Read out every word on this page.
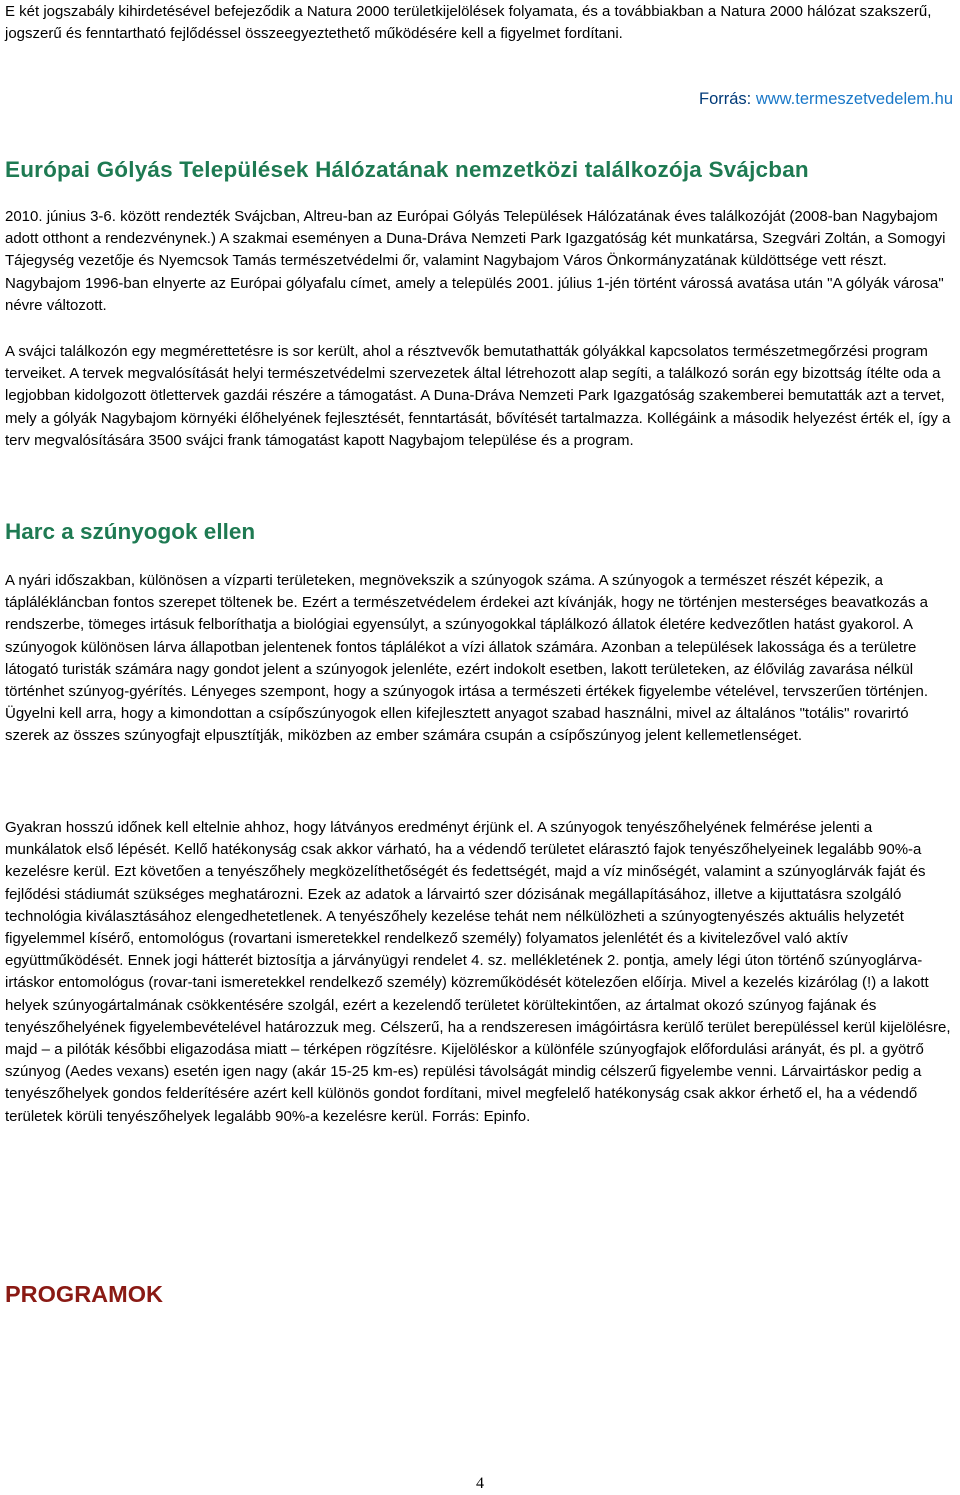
E két jogszabály kihirdetésével befejeződik a Natura 2000 területkijelölések folyamata, és a továbbiakban a Natura 2000 hálózat szakszerű, jogszerű és fenntartható fejlődéssel összeegyeztethető működésére kell a figyelmet fordítani.

Forrás: www.termeszetvedelem.hu
Európai Gólyás Települések Hálózatának nemzetközi találkozója Svájcban

2010. június 3-6. között rendezték Svájcban, Altreu-ban az Európai Gólyás Települések Hálózatának éves találkozóját (2008-ban Nagybajom adott otthont a rendezvénynek.) A szakmai eseményen a Duna-Dráva Nemzeti Park Igazgatóság két munkatársa, Szegvári Zoltán, a Somogyi Tájegység vezetője és Nyemcsok Tamás természetvédelmi őr, valamint Nagybajom Város Önkormányzatának küldöttsége vett részt. Nagybajom 1996-ban elnyerte az Európai gólyafalu címet, amely a település 2001. július 1-jén történt várossá avatása után "A gólyák városa" névre változott.

A svájci találkozón egy megmérettetésre is sor került, ahol a résztvevők bemutathatták gólyákkal kapcsolatos természetmegőrzési program terveiket. A tervek megvalósítását helyi természetvédelmi szervezetek által létrehozott alap segíti, a találkozó során egy bizottság ítélte oda a legjobban kidolgozott ötlettervek gazdái részére a támogatást. A Duna-Dráva Nemzeti Park Igazgatóság szakemberei bemutatták azt a tervet, mely a gólyák Nagybajom környéki élőhelyének fejlesztését, fenntartását, bővítését tartalmazza. Kollégáink a második helyezést érték el, így a terv megvalósítására 3500 svájci frank támogatást kapott Nagybajom települése és a program.

Harc a szúnyogok ellen

A nyári időszakban, különösen a vízparti területeken, megnövekszik a szúnyogok száma. A szúnyogok a természet részét képezik, a táplálékláncban fontos szerepet töltenek be. Ezért a természetvédelem érdekei azt kívánják, hogy ne történjen mesterséges beavatkozás a rendszerbe, tömeges irtásuk felboríthatja a biológiai egyensúlyt, a szúnyogokkal táplálkozó állatok életére kedvezőtlen hatást gyakorol. A szúnyogok különösen lárva állapotban jelentenek fontos táplálékot a vízi állatok számára. Azonban a települések lakossága és a területre látogató turisták számára nagy gondot jelent a szúnyogok jelenléte, ezért indokolt esetben, lakott területeken, az élővilág zavarása nélkül történhet szúnyog-gyérítés. Lényeges szempont, hogy a szúnyogok irtása a természeti értékek figyelembe vételével, tervszerűen történjen. Ügyelni kell arra, hogy a kimondottan a csípőszúnyogok ellen kifejlesztett anyagot szabad használni, mivel az általános "totális" rovarirtó szerek az összes szúnyogfajt elpusztítják, miközben az ember számára csupán a csípőszúnyog jelent kellemetlenséget.

Gyakran hosszú időnek kell eltelnie ahhoz, hogy látványos eredményt érjünk el. A szúnyogok tenyészőhelyének felmérése jelenti a munkálatok első lépését. Kellő hatékonyság csak akkor várható, ha a védendő területet elárasztó fajok tenyészőhelyeinek legalább 90%-a kezelésre kerül. Ezt követően a tenyészőhely megközelíthetőségét és fedettségét, majd a víz minőségét, valamint a szúnyoglárvák faját és fejlődési stádiumát szükséges meghatározni. Ezek az adatok a lárvairtó szer dózisának megállapításához, illetve a kijuttatásra szolgáló technológia kiválasztásához elengedhetetlenek. A tenyészőhely kezelése tehát nem nélkülözheti a szúnyogtenyészés aktuális helyzetét figyelemmel kísérő, entomológus (rovartani ismeretekkel rendelkező személy) folyamatos jelenlétét és a kivitelezővel való aktív együttműködését. Ennek jogi hátterét biztosítja a járványügyi rendelet 4. sz. mellékletének 2. pontja, amely légi úton történő szúnyoglárva-irtáskor entomológus (rovar-tani ismeretekkel rendelkező személy) közreműködését kötelezően előírja. Mivel a kezelés kizárólag (!) a lakott helyek szúnyogártalmának csökkentésére szolgál, ezért a kezelendő területet körültekintően, az ártalmat okozó szúnyog fajának és tenyészőhelyének figyelembevételével határozzuk meg. Célszerű, ha a rendszeresen imágóirtásra kerülő terület berepüléssel kerül kijelölésre, majd – a pilóták későbbi eligazodása miatt – térképen rögzítésre. Kijelöléskor a különféle szúnyogfajok előfordulási arányát, és pl. a gyötrő szúnyog (Aedes vexans) esetén igen nagy (akár 15-25 km-es) repülési távolságát mindig célszerű figyelembe venni. Lárvairtáskor pedig a tenyészőhelyek gondos felderítésére azért kell különös gondot fordítani, mivel megfelelő hatékonyság csak akkor érhető el, ha a védendő területek körüli tenyészőhelyek legalább 90%-a kezelésre kerül. Forrás: Epinfo.

PROGRAMOK
4
